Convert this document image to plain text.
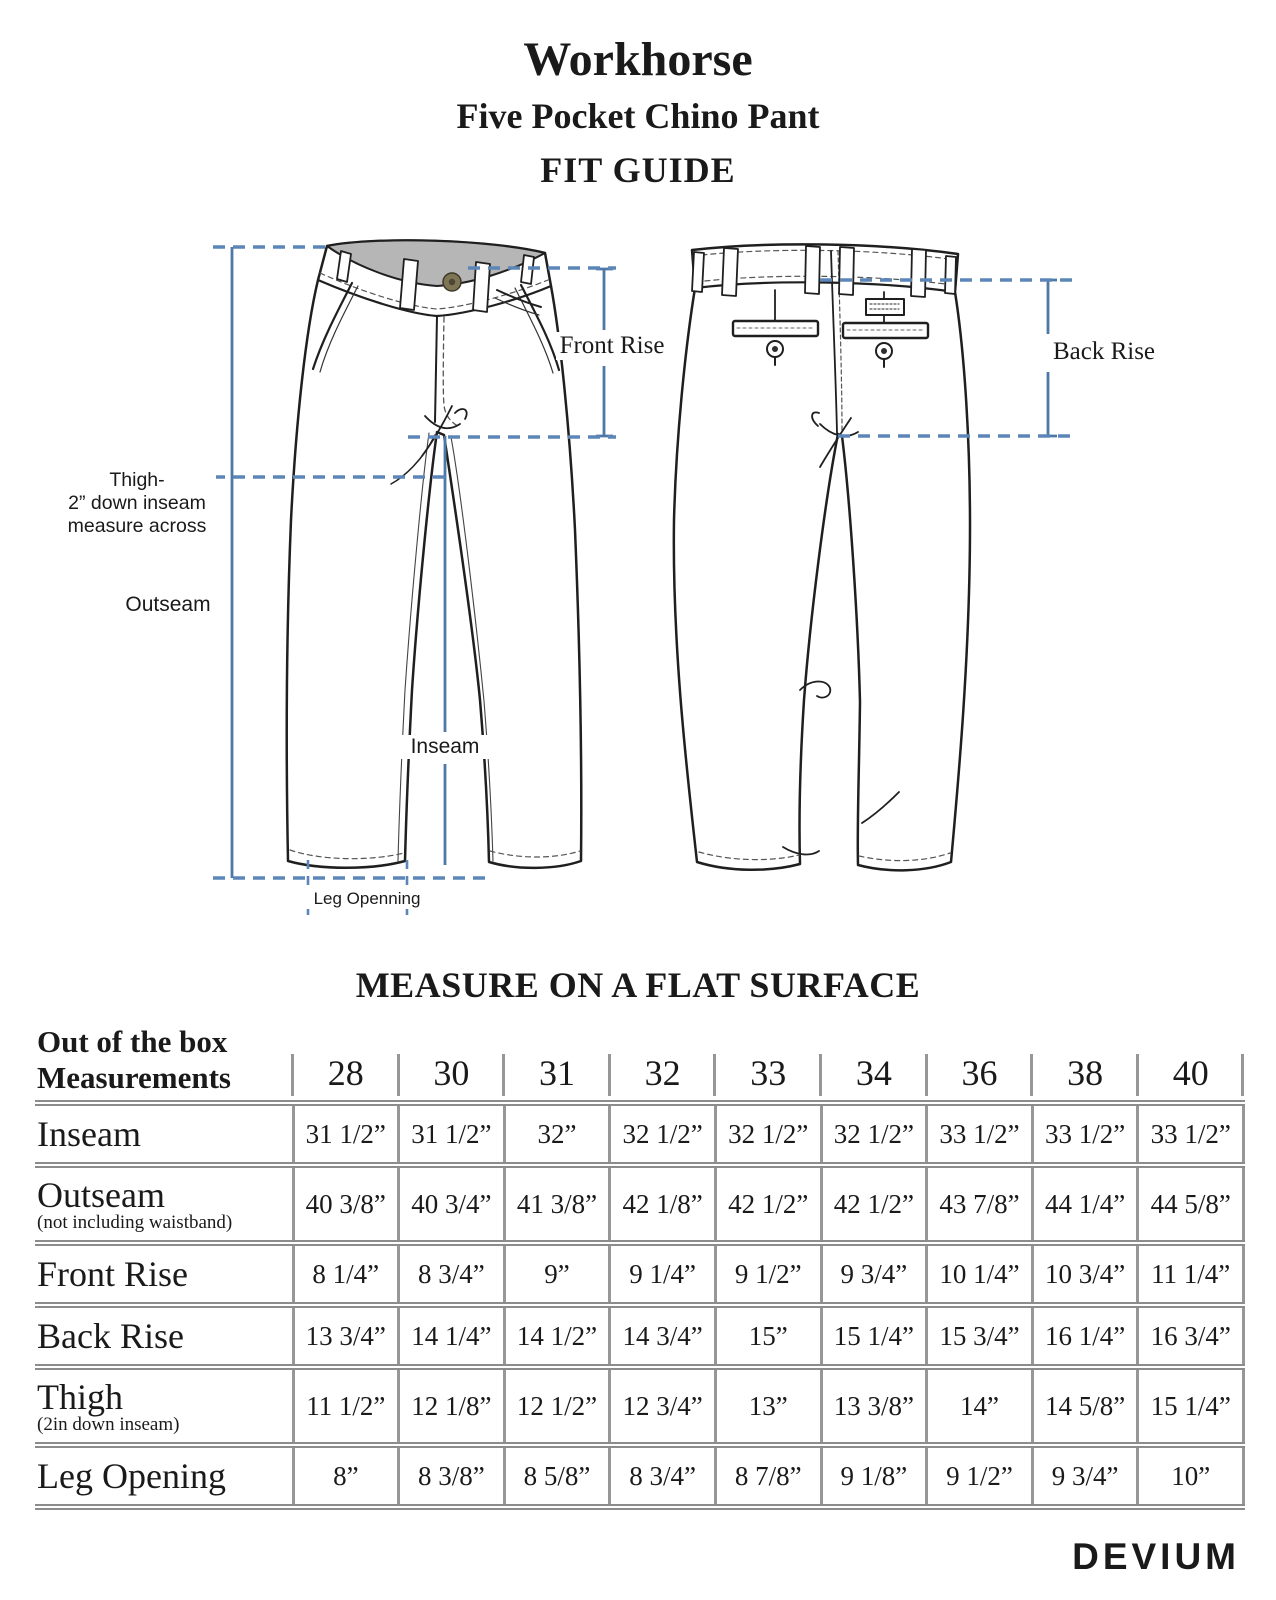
Workhorse
Five Pocket Chino Pant
FIT GUIDE
Front Rise	Back Rise
Thigh-
2” down inseam
measure across
Outseam
Inseam
Leg Openning
MEASURE ON A FLAT SURFACE
Out of the box
Measurements	28	30	31	32	33	34	36	38	40

Inseam	31 1/2”	31 1/2”	32”	32 1/2”	32 1/2”	32 1/2”	33 1/2”	33 1/2”	33 1/2”

Outseam
(not including waistband)	40 3/8”	40 3/4”	41 3/8”	42 1/8”	42 1/2”	42 1/2”	43 7/8”	44 1/4”	44 5/8”

Front Rise	8 1/4”	8 3/4”	9”	9 1/4”	9 1/2”	9 3/4”	10 1/4”	10 3/4”	11 1/4”

Back Rise	13 3/4”	14 1/4”	14 1/2”	14 3/4”	15”	15 1/4”	15 3/4”	16 1/4”	16 3/4”

Thigh
(2in down inseam)	11 1/2”	12 1/8”	12 1/2”	12 3/4”	13”	13 3/8”	14”	14 5/8”	15 1/4”

Leg Opening	8”	8 3/8”	8 5/8”	8 3/4”	8 7/8”	9 1/8”	9 1/2”	9 3/4”	10”
DEVIUM
